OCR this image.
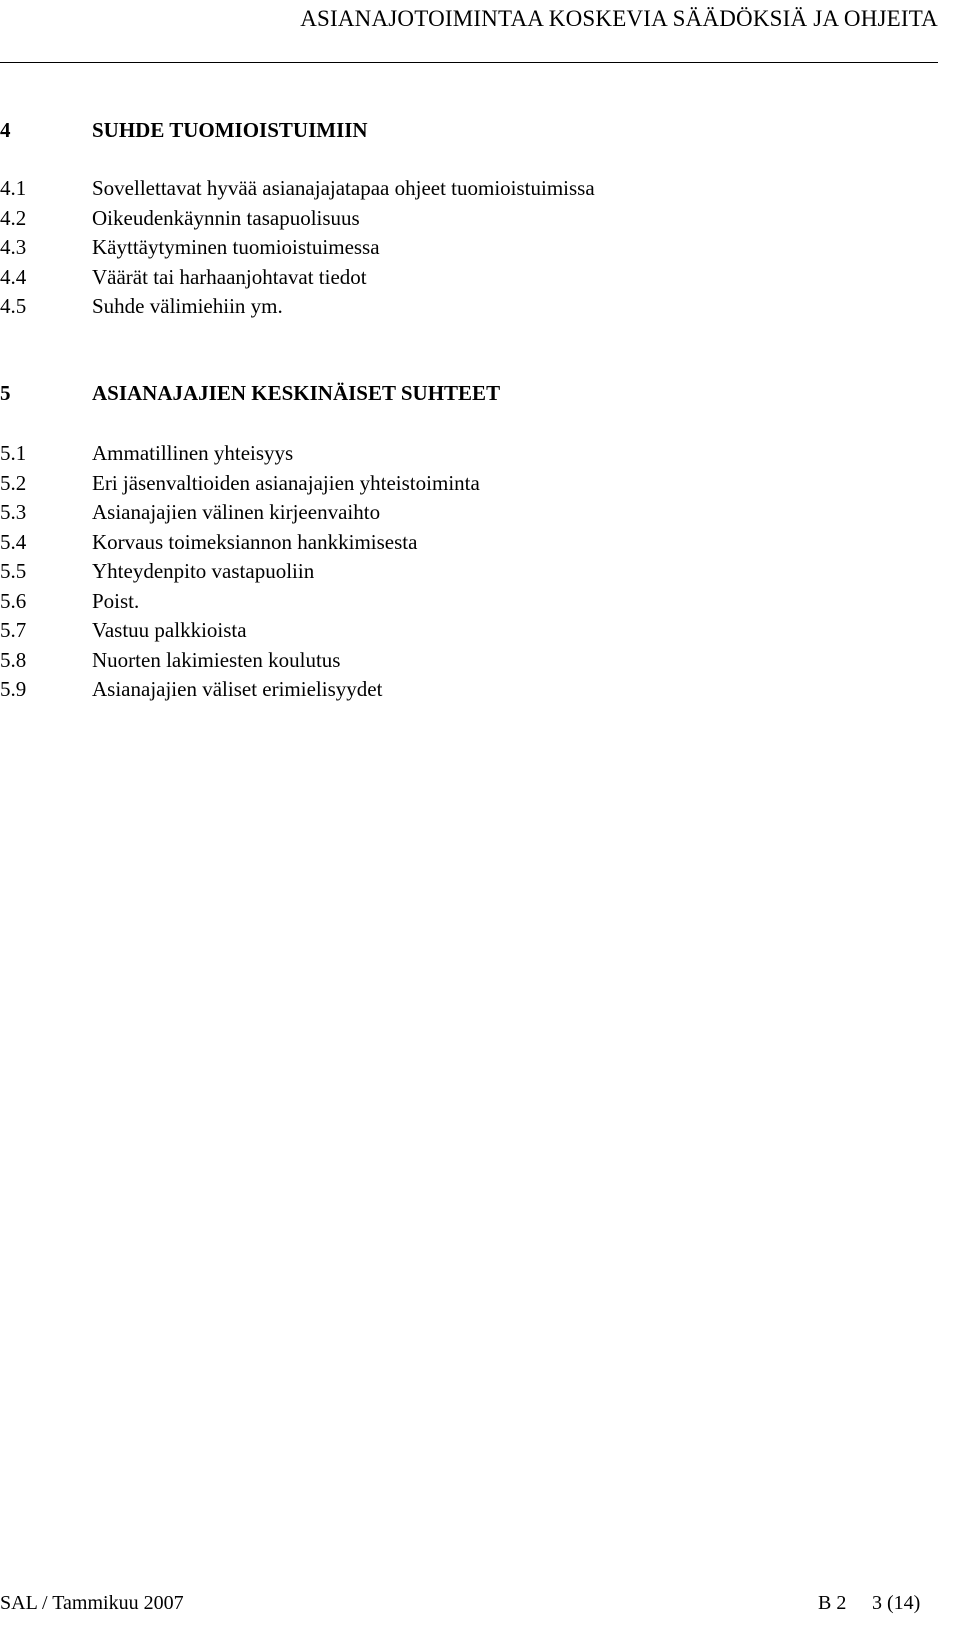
ASIANAJOTOIMINTAA KOSKEVIA SÄÄDÖKSIÄ JA OHJEITA
4	SUHDE TUOMIOISTUIMIIN
4.1	Sovellettavat hyvää asianajajatapaa ohjeet tuomioistuimissa
4.2	Oikeudenkäynnin tasapuolisuus
4.3	Käyttäytyminen tuomioistuimessa
4.4	Väärät tai harhaanjohtavat tiedot
4.5	Suhde välimiehiin ym.
5	ASIANAJAJIEN KESKINÄISET SUHTEET
5.1	Ammatillinen yhteisyys
5.2	Eri jäsenvaltioiden asianajajien yhteistoiminta
5.3	Asianajajien välinen kirjeenvaihto
5.4	Korvaus toimeksiannon hankkimisesta
5.5	Yhteydenpito vastapuoliin
5.6	Poist.
5.7	Vastuu palkkioista
5.8	Nuorten lakimiesten koulutus
5.9	Asianajajien väliset erimielisyydet
SAL / Tammikuu 2007	B 2 3 (14)
